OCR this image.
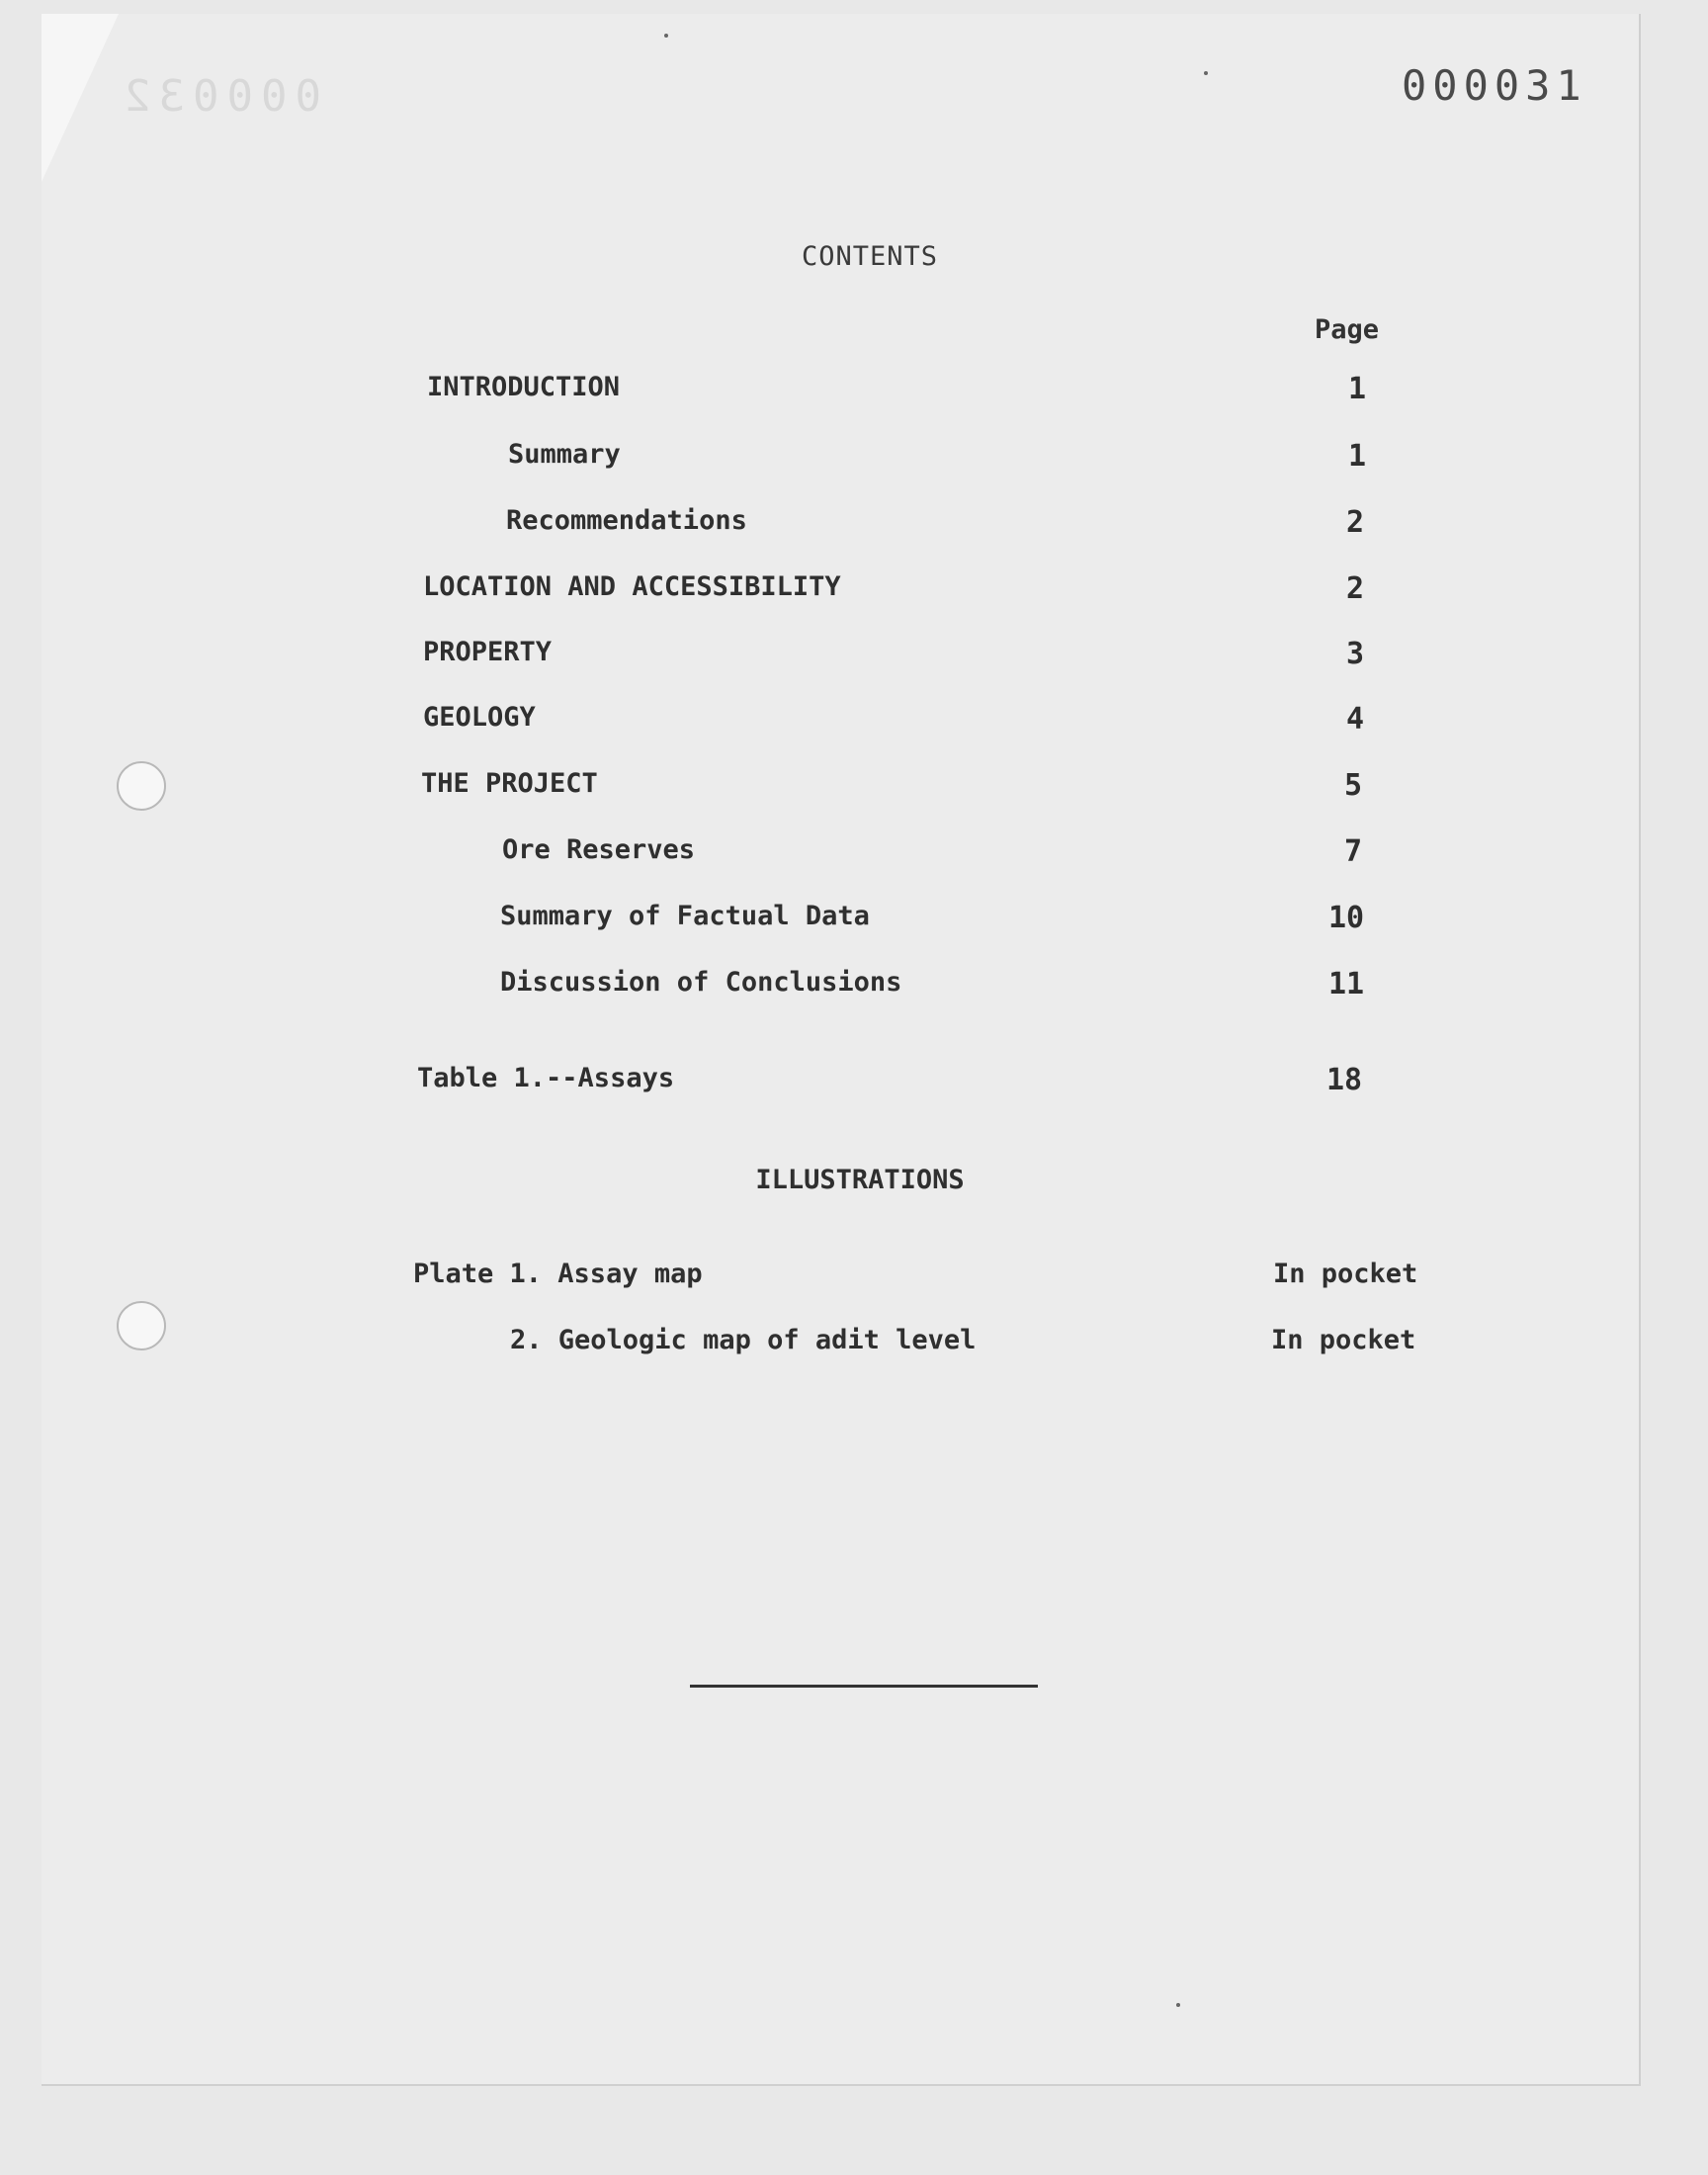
000032	000031
CONTENTS
Page
INTRODUCTION	1
Summary	1
Recommendations	2
LOCATION AND ACCESSIBILITY	2
PROPERTY	3
GEOLOGY	4
THE PROJECT	5
Ore Reserves	7
Summary of Factual Data	10
Discussion of Conclusions	11
Table 1.--Assays	18
ILLUSTRATIONS
Plate 1. Assay map	In pocket
2. Geologic map of adit level	In pocket
